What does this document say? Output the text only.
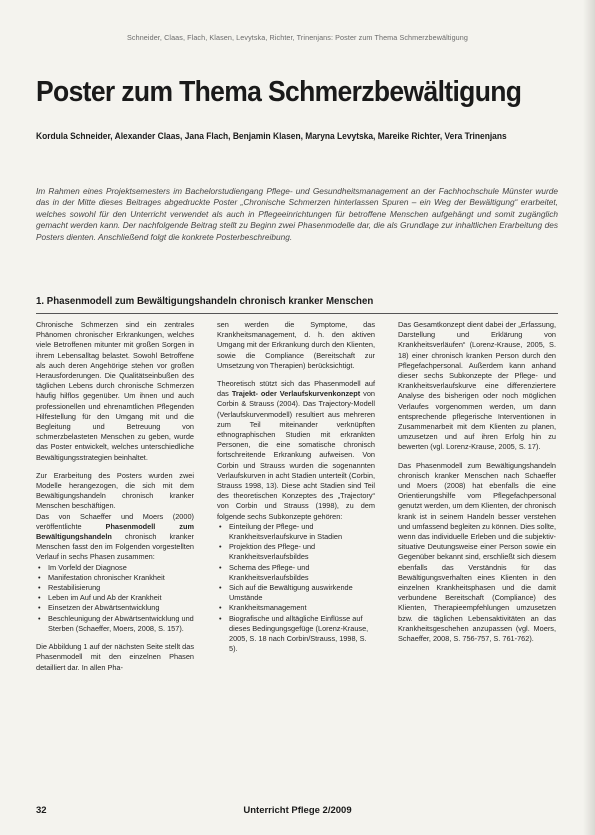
Schneider, Claas, Flach, Klasen, Levytska, Richter, Trinenjans: Poster zum Thema Schmerzbewältigung
Poster zum Thema Schmerzbewältigung
Kordula Schneider, Alexander Claas, Jana Flach, Benjamin Klasen, Maryna Levytska, Mareike Richter, Vera Trinenjans

Im Rahmen eines Projektsemesters im Bachelorstudiengang Pflege- und Gesundheitsmanagement an der Fachhochschule Münster wurde das in der Mitte dieses Beitrages abgedruckte Poster „Chronische Schmerzen hinterlassen Spuren – ein Weg der Bewältigung“ erarbeitet, welches sowohl für den Unterricht verwendet als auch in Pflegeeinrichtungen für betroffene Menschen aufgehängt und somit zugänglich gemacht werden kann. Der nachfolgende Beitrag stellt zu Beginn zwei Phasenmodelle dar, die als Grundlage zur inhaltlichen Erarbeitung des Posters dienten. Anschließend folgt die konkrete Posterbeschreibung.

1. Phasenmodell zum Bewältigungshandeln chronisch kranker Menschen

Chronische Schmerzen sind ein zentrales Phänomen chronischer Erkrankungen, welches viele Betroffenen mitunter mit großen Sorgen in ihrem Lebensalltag belastet. Sowohl Betroffene als auch deren Angehörige stehen vor großen Herausforderungen. Die Qualitätseinbußen des täglichen Lebens durch chronische Schmerzen häufig hilflos gegenüber. Um ihnen und auch professionellen und ehrenamtlichen Pflegenden Hilfestellung für den Umgang mit und die Begleitung und Betreuung von schmerzbelasteten Menschen zu geben, wurde das Poster entwickelt, welches unterschiedliche Bewältigungsstrategien beinhaltet.

Zur Erarbeitung des Posters wurden zwei Modelle herangezogen, die sich mit dem Bewältigungshandeln chronisch kranker Menschen beschäftigen.

Das von Schaeffer und Moers (2000) veröffentlichte Phasenmodell zum Bewältigungshandeln chronisch kranker Menschen fasst den im Folgenden vorgestellten Verlauf in sechs Phasen zusammen:

• Im Vorfeld der Diagnose
• Manifestation chronischer Krankheit
• Restabilisierung
• Leben im Auf und Ab der Krankheit
• Einsetzen der Abwärtsentwicklung
• Beschleunigung der Abwärtsentwicklung und Sterben (Schaeffer, Moers, 2008, S. 157).

Die Abbildung 1 auf der nächsten Seite stellt das Phasenmodell mit den einzelnen Phasen detailliert dar. In allen Pha-

sen werden die Symptome, das Krankheitsmanagement, d. h. den aktiven Umgang mit der Erkrankung durch den Klienten, sowie die Compliance (Bereitschaft zur Umsetzung von Therapien) berücksichtigt.

Theoretisch stützt sich das Phasenmodell auf das Trajekt- oder Verlaufskurvenkonzept von Corbin & Strauss (2004). Das Trajectory-Modell (Verlaufskurvenmodell) resultiert aus mehreren zum Teil miteinander verknüpften ethnographischen Studien mit erkrankten Personen, die eine somatische chronisch fortschreitende Erkrankung aufweisen. Von Corbin und Strauss wurden die sogenannten Verlaufskurven in acht Stadien unterteilt (Corbin, Strauss 1998, 13). Diese acht Stadien sind Teil des theoretischen Konzeptes des „Trajectory“ von Corbin und Strauss (1998), zu dem folgende sechs Subkonzepte gehören:

• Einteilung der Pflege- und Krankheitsverlaufskurve in Stadien
• Projektion des Pflege- und Krankheitsverlaufsbildes
• Schema des Pflege- und Krankheitsverlaufsbildes
• Sich auf die Bewältigung auswirkende Umstände
• Krankheitsmanagement
• Biografische und alltägliche Einflüsse auf dieses Bedingungsgefüge (Lorenz-Krause, 2005, S. 18 nach Corbin/Strauss, 1998, S. 5).

Das Gesamtkonzept dient dabei der „Erfassung, Darstellung und Erklärung von Krankheitsverläufen“ (Lorenz-Krause, 2005, S. 18) einer chronisch kranken Person durch den Pflegefachpersonal. Außerdem kann anhand dieser sechs Subkonzepte der Pflege- und Krankheitsverlaufskurve eine differenziertere Analyse des bisherigen oder noch möglichen Verlaufes vorgenommen werden, um dann entsprechende pflegerische Interventionen in Zusammenarbeit mit dem Klienten zu planen, umzusetzen und auf ihren Erfolg hin zu bewerten (vgl. Lorenz-Krause, 2005, S. 17).

Das Phasenmodell zum Bewältigungshandeln chronisch kranker Menschen nach Schaeffer und Moers (2008) hat ebenfalls die eine Orientierungshilfe vom Pflegefachpersonal genutzt werden, um dem Klienten, der chronisch krank ist in seinem Handeln besser verstehen und umfassend begleiten zu können. Dies sollte, wenn das individuelle Erleben und die subjektiv-situative Deutungsweise einer Person sowie ein Gegenüber bekannt sind, erschließt sich diesem ebenfalls das Verständnis für das Bewältigungsverhalten eines Klienten in den einzelnen Krankheitsphasen und die damit verbundene Bereitschaft (Compliance) des Klienten, Therapieempfehlungen umzusetzen bzw. die täglichen Lebensaktivitäten an das Krankheitsgeschehen anzupassen (vgl. Moers, Schaeffer, 2008, S. 756-757, S. 761-762).

32	Unterricht Pflege 2/2009
